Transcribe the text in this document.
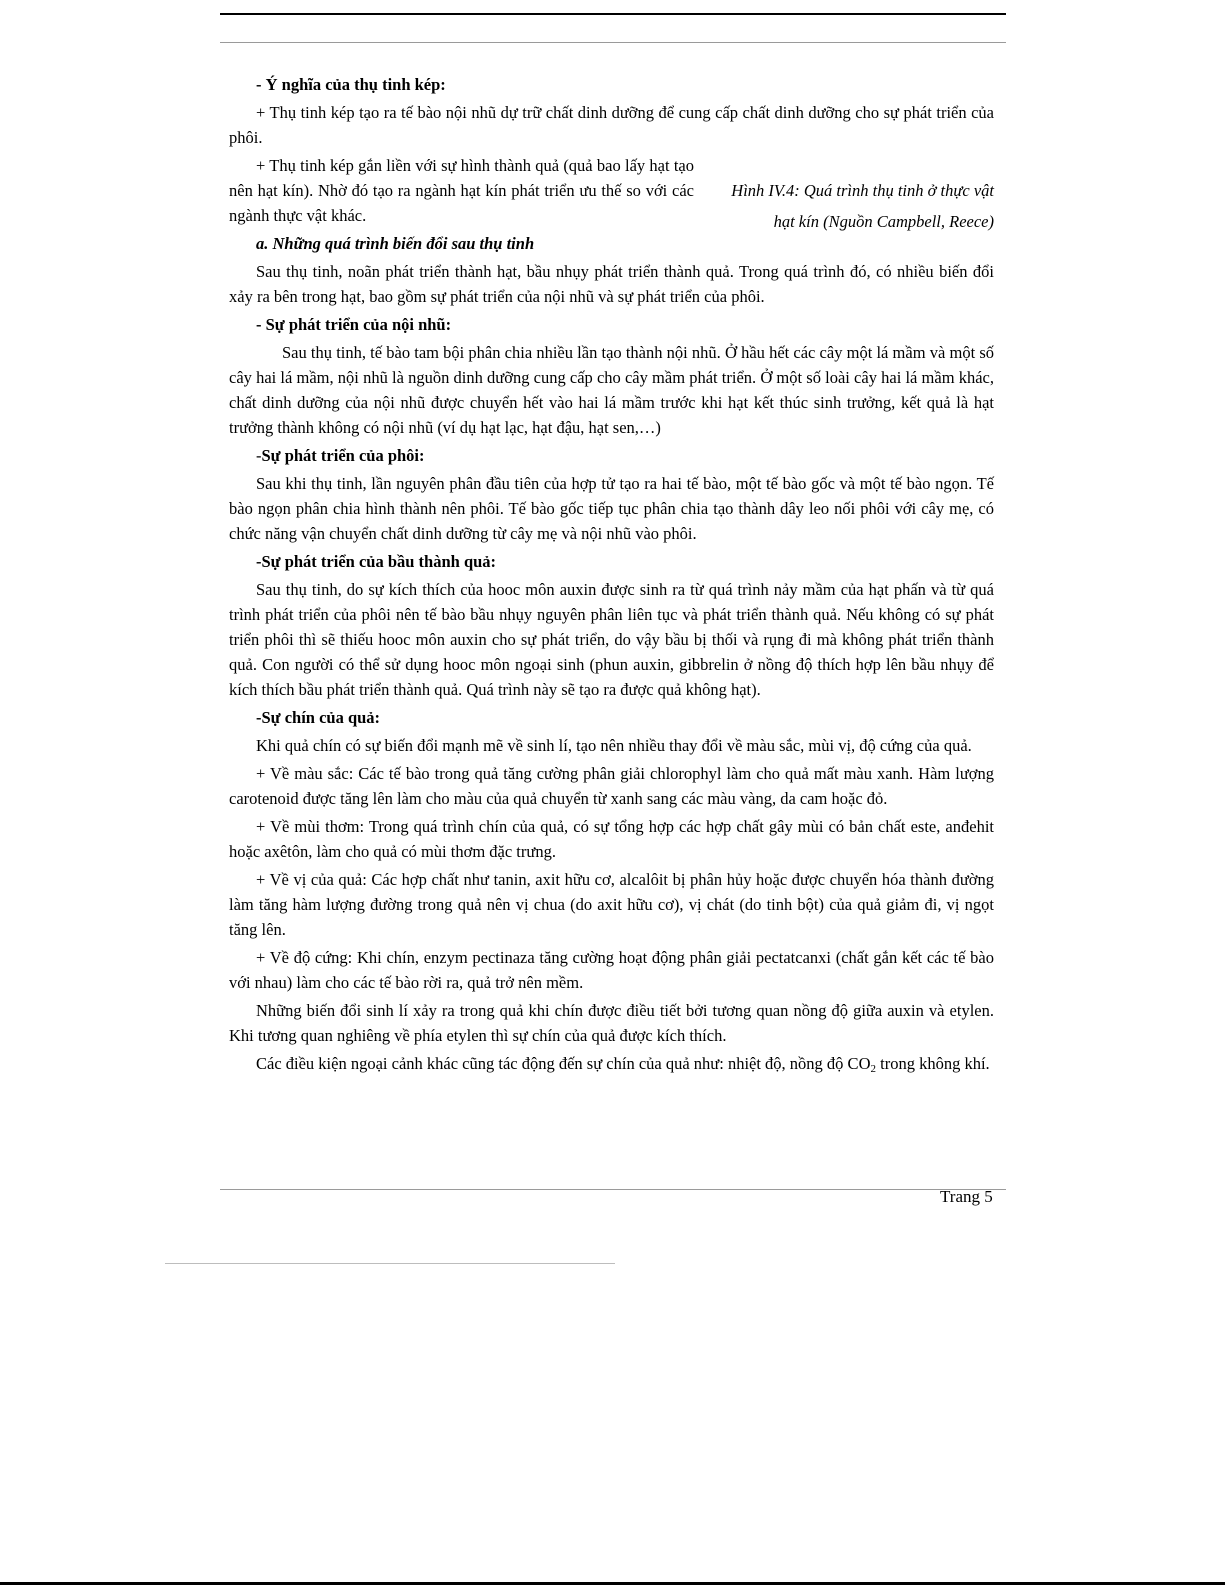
- Ý nghĩa của thụ tinh kép:

+ Thụ tinh kép tạo ra tế bào nội nhũ dự trữ chất dinh dưỡng để cung cấp chất dinh dưỡng cho sự phát triển của phôi.

+ Thụ tinh kép gắn liền với sự hình thành quả (quả bao lấy hạt tạo nên hạt kín). Nhờ đó tạo ra ngành hạt kín phát triển ưu thế so với các ngành thực vật khác.
Hình IV.4: Quá trình thụ tinh ở thực vật hạt kín (Nguồn Campbell, Reece)

a. Những quá trình biến đổi sau thụ tinh

Sau thụ tinh, noãn phát triển thành hạt, bầu nhụy phát triển thành quả. Trong quá trình đó, có nhiều biến đổi xảy ra bên trong hạt, bao gồm sự phát triển của nội nhũ và sự phát triển của phôi.

- Sự phát triển của nội nhũ:

Sau thụ tinh, tế bào tam bội phân chia nhiều lần tạo thành nội nhũ. Ở hầu hết các cây một lá mầm và một số cây hai lá mầm, nội nhũ là nguồn dinh dưỡng cung cấp cho cây mầm phát triển. Ở một số loài cây hai lá mầm khác, chất dinh dưỡng của nội nhũ được chuyển hết vào hai lá mầm trước khi hạt kết thúc sinh trưởng, kết quả là hạt trưởng thành không có nội nhũ (ví dụ hạt lạc, hạt đậu, hạt sen,…)

-Sự phát triển của phôi:

Sau khi thụ tinh, lần nguyên phân đầu tiên của hợp tử tạo ra hai tế bào, một tế bào gốc và một tế bào ngọn. Tế bào ngọn phân chia hình thành nên phôi. Tế bào gốc tiếp tục phân chia tạo thành dây leo nối phôi với cây mẹ, có chức năng vận chuyển chất dinh dưỡng từ cây mẹ và nội nhũ vào phôi.

-Sự phát triển của bầu thành quả:

Sau thụ tinh, do sự kích thích của hooc môn auxin được sinh ra từ quá trình nảy mầm của hạt phấn và từ quá trình phát triển của phôi nên tế bào bầu nhụy nguyên phân liên tục và phát triển thành quả. Nếu không có sự phát triển phôi thì sẽ thiếu hooc môn auxin cho sự phát triển, do vậy bầu bị thối và rụng đi mà không phát triển thành quả. Con người có thể sử dụng hooc môn ngoại sinh (phun auxin, gibbrelin ở nồng độ thích hợp lên bầu nhụy để kích thích bầu phát triển thành quả. Quá trình này sẽ tạo ra được quả không hạt).

-Sự chín của quả:

Khi quả chín có sự biến đổi mạnh mẽ về sinh lí, tạo nên nhiều thay đổi về màu sắc, mùi vị, độ cứng của quả.

+ Về màu sắc: Các tế bào trong quả tăng cường phân giải chlorophyl làm cho quả mất màu xanh. Hàm lượng carotenoid được tăng lên làm cho màu của quả chuyển từ xanh sang các màu vàng, da cam hoặc đỏ.

+ Về mùi thơm: Trong quá trình chín của quả, có sự tổng hợp các hợp chất gây mùi có bản chất este, anđehit hoặc axêtôn, làm cho quả có mùi thơm đặc trưng.

+ Về vị của quả: Các hợp chất như tanin, axit hữu cơ, alcalôit bị phân hủy hoặc được chuyển hóa thành đường làm tăng hàm lượng đường trong quả nên vị chua (do axit hữu cơ), vị chát (do tinh bột) của quả giảm đi, vị ngọt tăng lên.

+ Về độ cứng: Khi chín, enzym pectinaza tăng cường hoạt động phân giải pectatcanxi (chất gắn kết các tế bào với nhau) làm cho các tế bào rời ra, quả trở nên mềm.

Những biến đổi sinh lí xảy ra trong quả khi chín được điều tiết bởi tương quan nồng độ giữa auxin và etylen. Khi tương quan nghiêng về phía etylen thì sự chín của quả được kích thích.

Các điều kiện ngoại cảnh khác cũng tác động đến sự chín của quả như: nhiệt độ, nồng độ $CO_2$ trong không khí.

Trang 5
